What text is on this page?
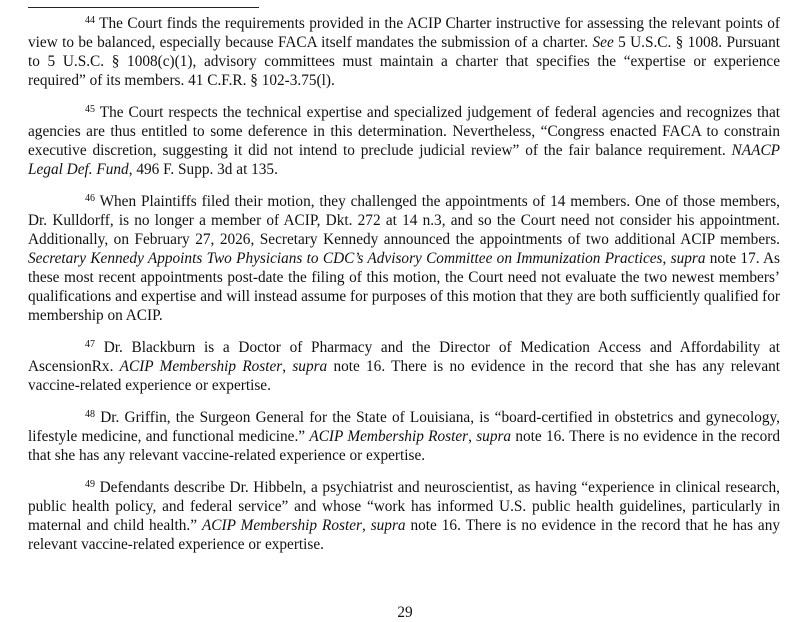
$^{44}$ The Court finds the requirements provided in the ACIP Charter instructive for assessing the relevant points of view to be balanced, especially because FACA itself mandates the submission of a charter. See 5 U.S.C. § 1008. Pursuant to 5 U.S.C. § 1008(c)(1), advisory committees must maintain a charter that specifies the “expertise or experience required” of its members. 41 C.F.R. § 102-3.75(l).

$^{45}$ The Court respects the technical expertise and specialized judgement of federal agencies and recognizes that agencies are thus entitled to some deference in this determination. Nevertheless, “Congress enacted FACA to constrain executive discretion, suggesting it did not intend to preclude judicial review” of the fair balance requirement. NAACP Legal Def. Fund, 496 F. Supp. 3d at 135.

$^{46}$ When Plaintiffs filed their motion, they challenged the appointments of 14 members. One of those members, Dr. Kulldorff, is no longer a member of ACIP, Dkt. 272 at 14 n.3, and so the Court need not consider his appointment. Additionally, on February 27, 2026, Secretary Kennedy announced the appointments of two additional ACIP members. Secretary Kennedy Appoints Two Physicians to CDC’s Advisory Committee on Immunization Practices, supra note 17. As these most recent appointments post-date the filing of this motion, the Court need not evaluate the two newest members’ qualifications and expertise and will instead assume for purposes of this motion that they are both sufficiently qualified for membership on ACIP.

$^{47}$ Dr. Blackburn is a Doctor of Pharmacy and the Director of Medication Access and Affordability at AscensionRx. ACIP Membership Roster, supra note 16. There is no evidence in the record that she has any relevant vaccine-related experience or expertise.

$^{48}$ Dr. Griffin, the Surgeon General for the State of Louisiana, is “board-certified in obstetrics and gynecology, lifestyle medicine, and functional medicine.” ACIP Membership Roster, supra note 16. There is no evidence in the record that she has any relevant vaccine-related experience or expertise.

$^{49}$ Defendants describe Dr. Hibbeln, a psychiatrist and neuroscientist, as having “experience in clinical research, public health policy, and federal service” and whose “work has informed U.S. public health guidelines, particularly in maternal and child health.” ACIP Membership Roster, supra note 16. There is no evidence in the record that he has any relevant vaccine-related experience or expertise.

29
